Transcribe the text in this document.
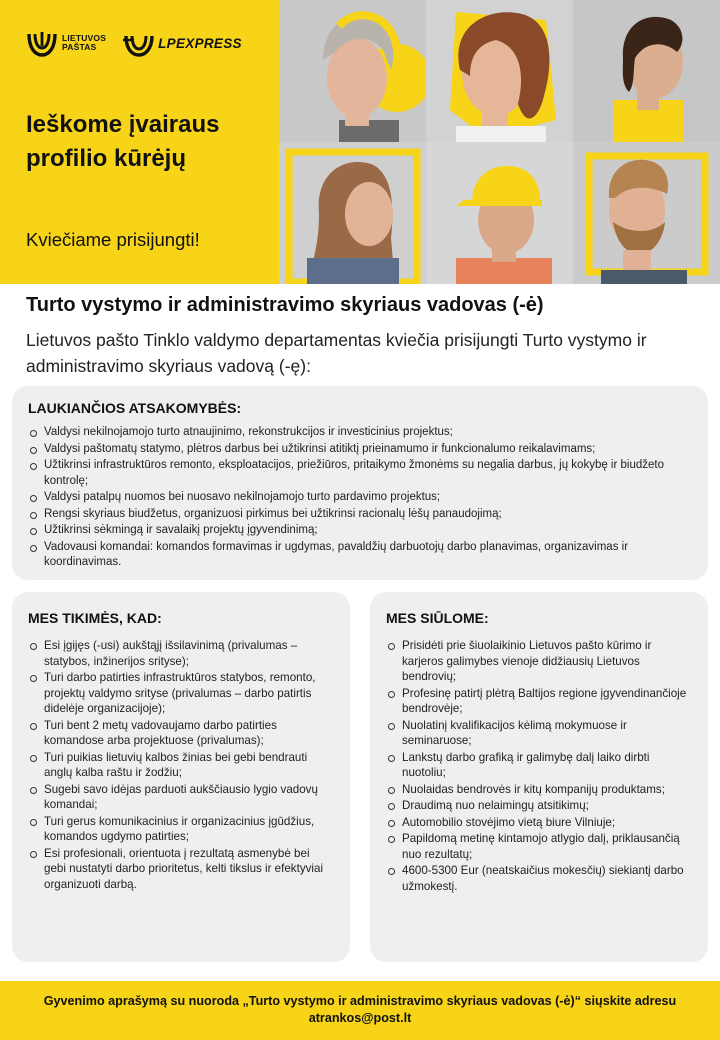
LIETUVOS
PAŠTAS	LPEXPRESS
Ieškome įvairaus profilio kūrėjų
Kviečiame prisijungti!
Turto vystymo ir administravimo skyriaus vadovas (-ė)

Lietuvos pašto Tinklo valdymo departamentas kviečia prisijungti Turto vystymo ir administravimo skyriaus vadovą (-ę):

LAUKIANČIOS ATSAKOMYBĖS:
Valdysi nekilnojamojo turto atnaujinimo, rekonstrukcijos ir investicinius projektus;
Valdysi paštomatų statymo, plėtros darbus bei užtikrinsi atitiktį prieinamumo ir funkcionalumo reikalavimams;
Užtikrinsi infrastruktūros remonto, eksploatacijos, priežiūros, pritaikymo žmonėms su negalia darbus, jų kokybę ir biudžeto kontrolę;
Valdysi patalpų nuomos bei nuosavo nekilnojamojo turto pardavimo projektus;
Rengsi skyriaus biudžetus, organizuosi pirkimus bei užtikrinsi racionalų lėšų panaudojimą;
Užtikrinsi sėkmingą ir savalaikį projektų įgyvendinimą;
Vadovausi komandai: komandos formavimas ir ugdymas, pavaldžių darbuotojų darbo planavimas, organizavimas ir koordinavimas.
MES TIKIMĖS, KAD:
Esi įgijęs (-usi) aukštąjį išsilavinimą (privalumas – statybos, inžinerijos srityse);
Turi darbo patirties infrastruktūros statybos, remonto, projektų valdymo srityse (privalumas – darbo patirtis didelėje organizacijoje);
Turi bent 2 metų vadovaujamo darbo patirties komandose arba projektuose (privalumas);
Turi puikias lietuvių kalbos žinias bei gebi bendrauti anglų kalba raštu ir žodžiu;
Sugebi savo idėjas parduoti aukščiausio lygio vadovų komandai;
Turi gerus komunikacinius ir organizacinius įgūdžius, komandos ugdymo patirties;
Esi profesionali, orientuota į rezultatą asmenybė bei gebi nustatyti darbo prioritetus, kelti tikslus ir efektyviai organizuoti darbą.
MES SIŪLOME:
Prisidėti prie šiuolaikinio Lietuvos pašto kūrimo ir karjeros galimybes vienoje didžiausių Lietuvos bendrovių;
Profesinę patirtį plėtrą Baltijos regione įgyvendinančioje bendrovėje;
Nuolatinį kvalifikacijos kėlimą mokymuose ir seminaruose;
Lankstų darbo grafiką ir galimybę dalį laiko dirbti nuotoliu;
Nuolaidas bendrovės ir kitų kompanijų produktams;
Draudimą nuo nelaimingų atsitikimų;
Automobilio stovėjimo vietą biure Vilniuje;
Papildomą metinę kintamojo atlygio dalį, priklausančią nuo rezultatų;
4600-5300 Eur (neatskaičius mokesčių) siekiantį darbo užmokestį.

Gyvenimo aprašymą su nuoroda „Turto vystymo ir administravimo skyriaus vadovas (-ė)“ siųskite adresu

atrankos@post.lt
